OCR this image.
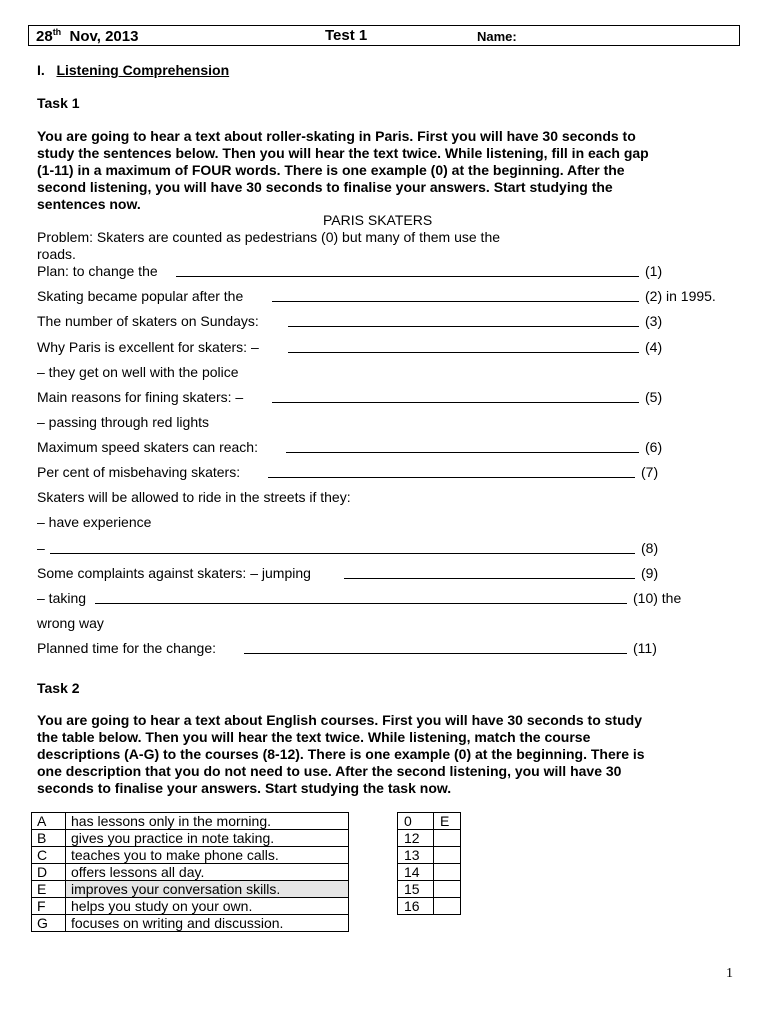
28th Nov, 2013	Test 1	Name:
I. Listening Comprehension
Task 1
You are going to hear a text about roller-skating in Paris. First you will have 30 seconds to
study the sentences below. Then you will hear the text twice. While listening, fill in each gap
(1-11) in a maximum of FOUR words. There is one example (0) at the beginning. After the
second listening, you will have 30 seconds to finalise your answers. Start studying the
sentences now.
PARIS SKATERS
Problem: Skaters are counted as pedestrians (0) but many of them use the
roads.
Plan: to change the	(1)
Skating became popular after the	(2) in 1995.
The number of skaters on Sundays:	(3)
Why Paris is excellent for skaters: –	(4)
– they get on well with the police
Main reasons for fining skaters: –	(5)
– passing through red lights
Maximum speed skaters can reach:	(6)
Per cent of misbehaving skaters:	(7)
Skaters will be allowed to ride in the streets if they:
– have experience
–	(8)
Some complaints against skaters: – jumping	(9)
– taking	(10) the
wrong way
Planned time for the change:	(11)
Task 2
You are going to hear a text about English courses. First you will have 30 seconds to study
the table below. Then you will hear the text twice. While listening, match the course
descriptions (A-G) to the courses (8-12). There is one example (0) at the beginning. There is
one description that you do not need to use. After the second listening, you will have 30
seconds to finalise your answers. Start studying the task now.
A	has lessons only in the morning.
B	gives you practice in note taking.
C	teaches you to make phone calls.
D	offers lessons all day.
E	improves your conversation skills.
F	helps you study on your own.
G	focuses on writing and discussion.
0	E
12	
13	
14	
15	
16	
1
